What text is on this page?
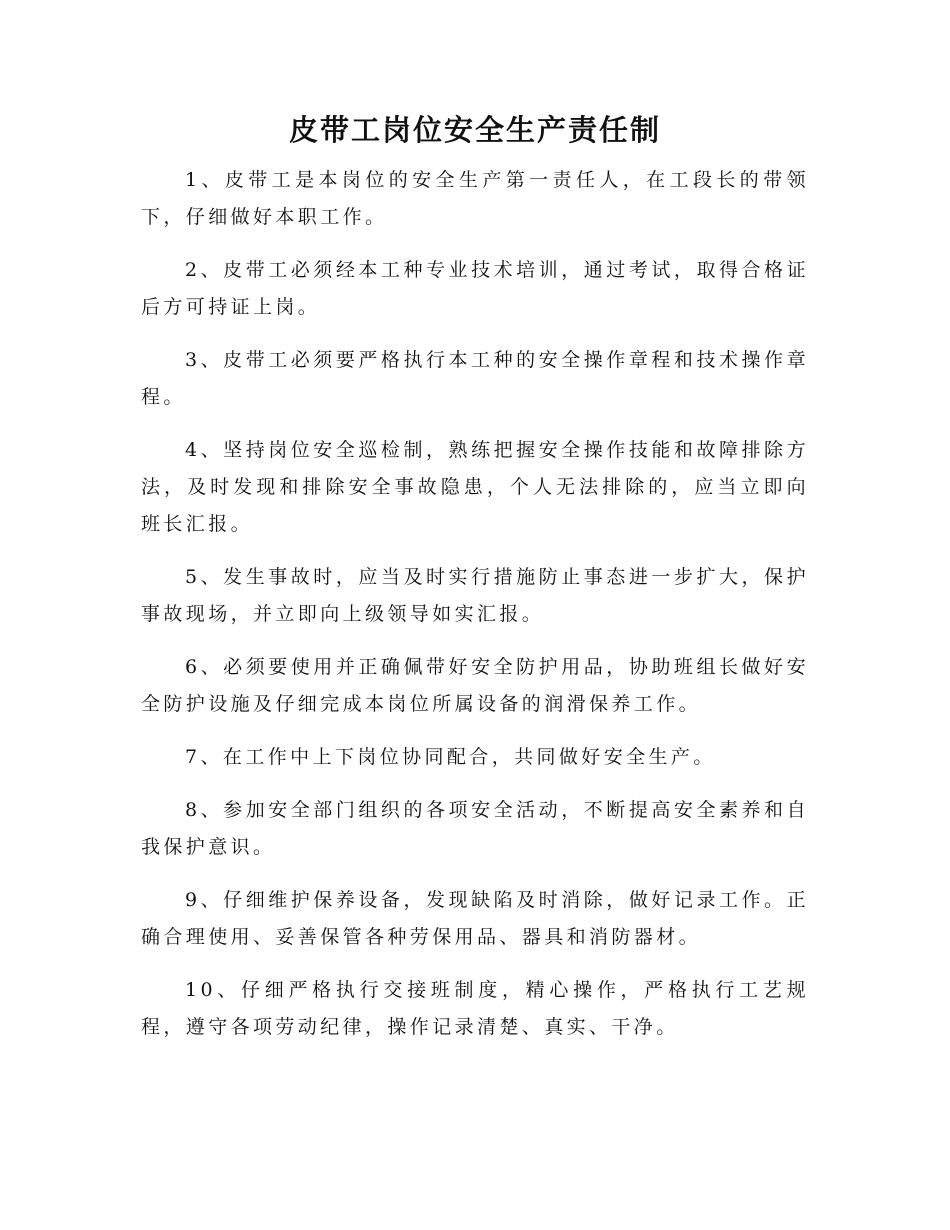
皮带工岗位安全生产责任制

1、皮带工是本岗位的安全生产第一责任人，在工段长的带领下，仔细做好本职工作。

2、皮带工必须经本工种专业技术培训，通过考试，取得合格证后方可持证上岗。

3、皮带工必须要严格执行本工种的安全操作章程和技术操作章程。

4、坚持岗位安全巡检制，熟练把握安全操作技能和故障排除方法，及时发现和排除安全事故隐患，个人无法排除的，应当立即向班长汇报。

5、发生事故时，应当及时实行措施防止事态进一步扩大，保护事故现场，并立即向上级领导如实汇报。

6、必须要使用并正确佩带好安全防护用品，协助班组长做好安全防护设施及仔细完成本岗位所属设备的润滑保养工作。

7、在工作中上下岗位协同配合，共同做好安全生产。

8、参加安全部门组织的各项安全活动，不断提高安全素养和自我保护意识。

9、仔细维护保养设备，发现缺陷及时消除，做好记录工作。正确合理使用、妥善保管各种劳保用品、器具和消防器材。

10、仔细严格执行交接班制度，精心操作，严格执行工艺规程，遵守各项劳动纪律，操作记录清楚、真实、干净。
